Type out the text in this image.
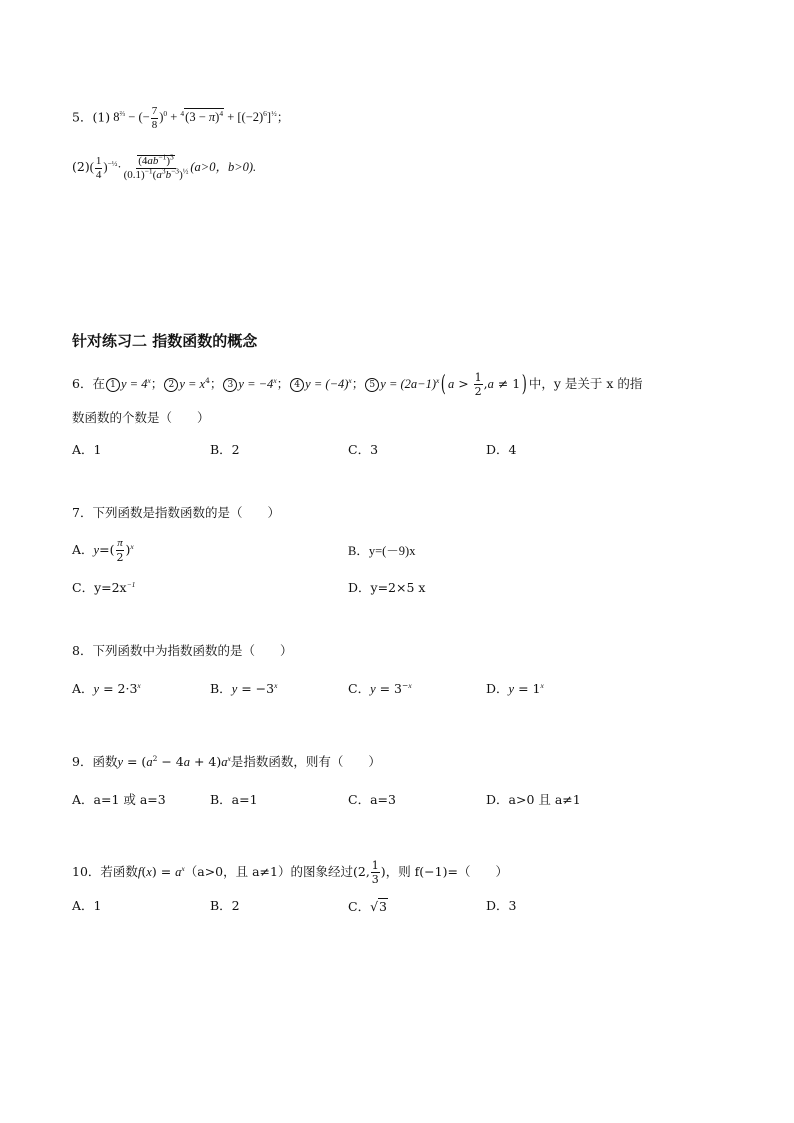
5．(1) $8^{\frac{2}{3}}$ − (− $\frac{7}{8} )^0 + ^4(3 - \pi)^4 + [(-2)^6]^{\frac{1}{2}}$；
$(2)( \frac{1}{4} )^{-\frac{1}{2}}\cdot \frac{(4ab^{-1})^3}{(0.1)^{-1}(a^3b^{-3})^{\frac{1}{2}}} (a>0$，b>0).
针对练习二 指数函数的概念
6．在 1 $y = 4^x$； 2 $y = x^4$； 3 $y = -4^x$； 4 $y = (-4)^x$； 5 $y = (2a-1)^x$( $a > \frac{1}{2} ,a \ne 1$) 中，y 是关于 x 的指
数函数的个数是（　　）
A．1	B．2	C．3	D．4
7．下列函数是指数函数的是（　　）
A．$y=( \frac{\pi}{2} )^x$	B．y=(－9)x
C．$y=2x^{-1}$	D．y=2×5 x
8．下列函数中为指数函数的是（　　）
A．$y = 2\cdot 3^x$	B．$y = -3^x$	C．$y = 3^{-x}$	D．$y = 1^x$
9．函数$y = (a^2 - 4a + 4)a^x$是指数函数，则有（　　）
A．a=1 或 a=3	B．a=1	C．a=3	D．a>0 且 a≠1
10．若函数$f(x) = a^x(a>0$，且 a≠1）的图象经过(2, $\frac{1}{3}$ )，则 f(−1)=（　　）
A．1	B．2	C．√3	D．3
